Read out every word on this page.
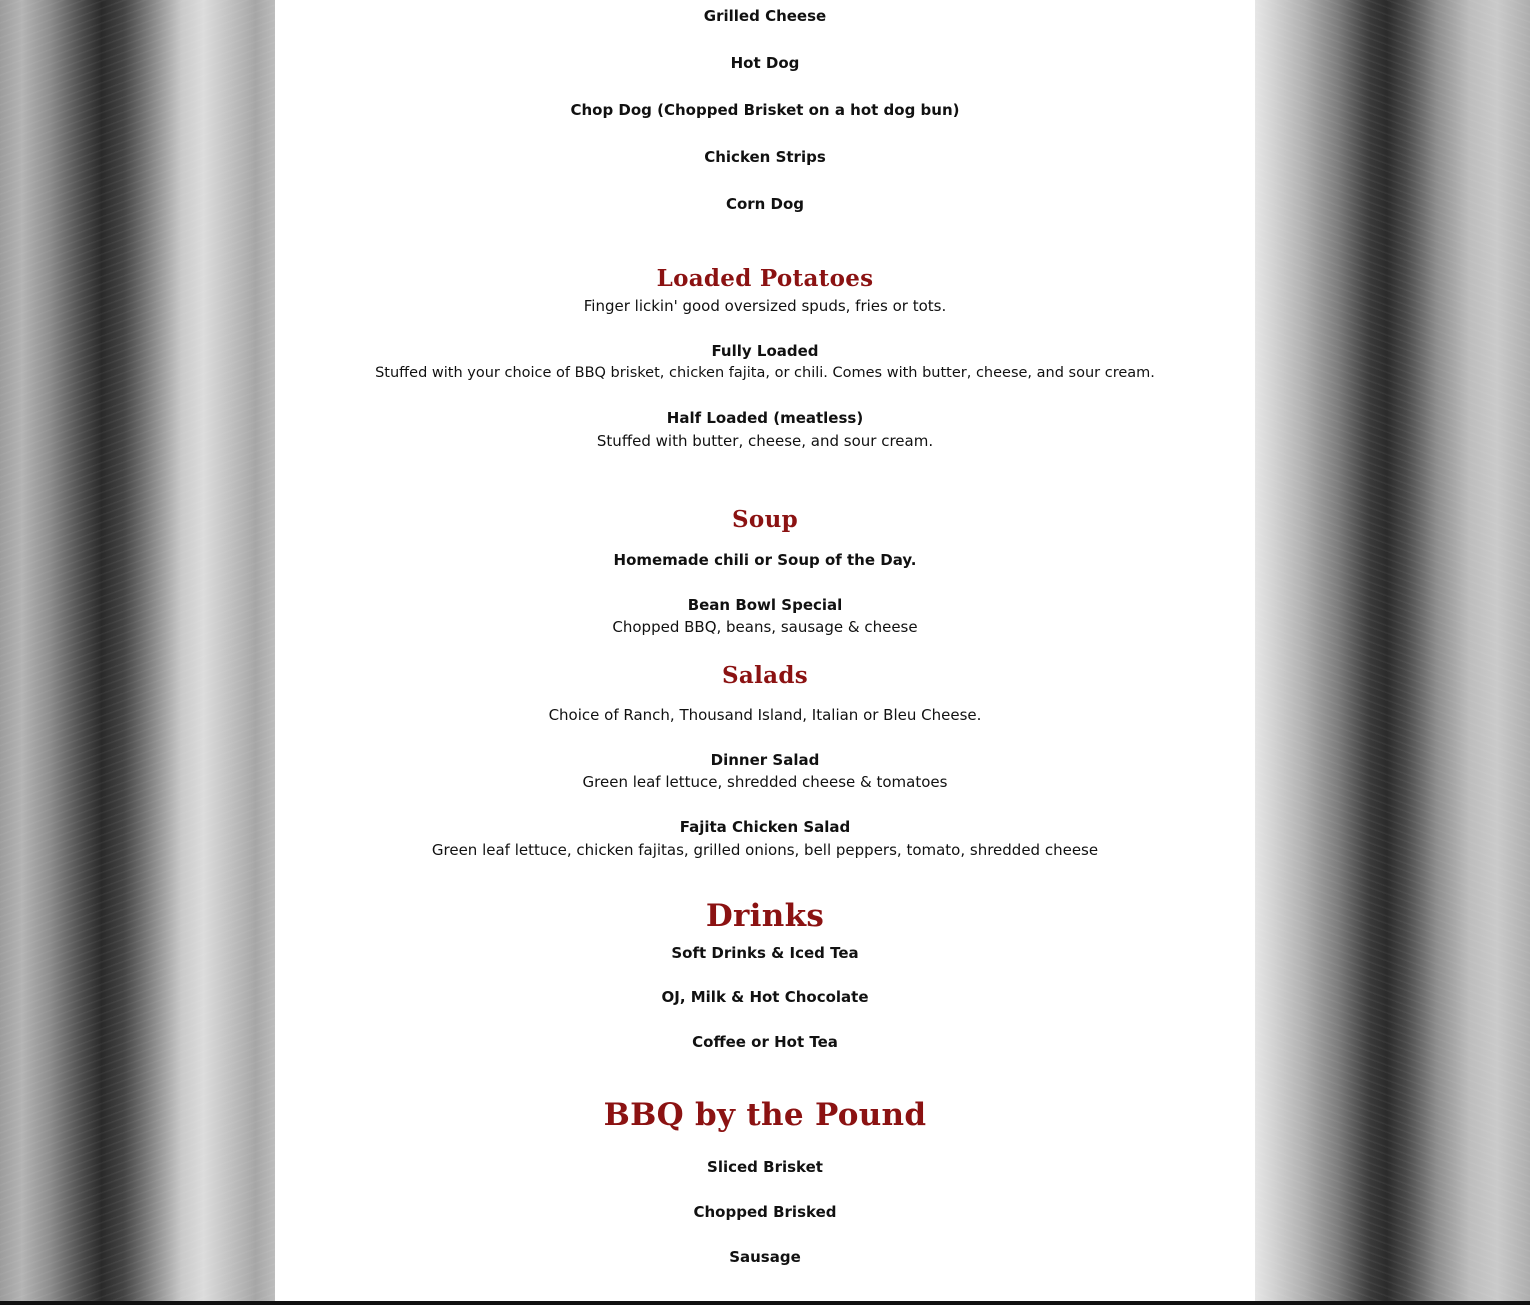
Grilled Cheese
Hot Dog
Chop Dog (Chopped Brisket on a hot dog bun)
Chicken Strips
Corn Dog
Loaded Potatoes
Finger lickin' good oversized spuds, fries or tots.
Fully Loaded
Stuffed with your choice of BBQ brisket, chicken fajita, or chili. Comes with butter, cheese, and sour cream.
Half Loaded (meatless)
Stuffed with butter, cheese, and sour cream.
Soup
Homemade chili or Soup of the Day.
Bean Bowl Special
Chopped BBQ, beans, sausage & cheese
Salads
Choice of Ranch, Thousand Island, Italian or Bleu Cheese.
Dinner Salad
Green leaf lettuce, shredded cheese & tomatoes
Fajita Chicken Salad
Green leaf lettuce, chicken fajitas, grilled onions, bell peppers, tomato, shredded cheese
Drinks
Soft Drinks & Iced Tea
OJ, Milk & Hot Chocolate
Coffee or Hot Tea
BBQ by the Pound
Sliced Brisket
Chopped Brisked
Sausage
